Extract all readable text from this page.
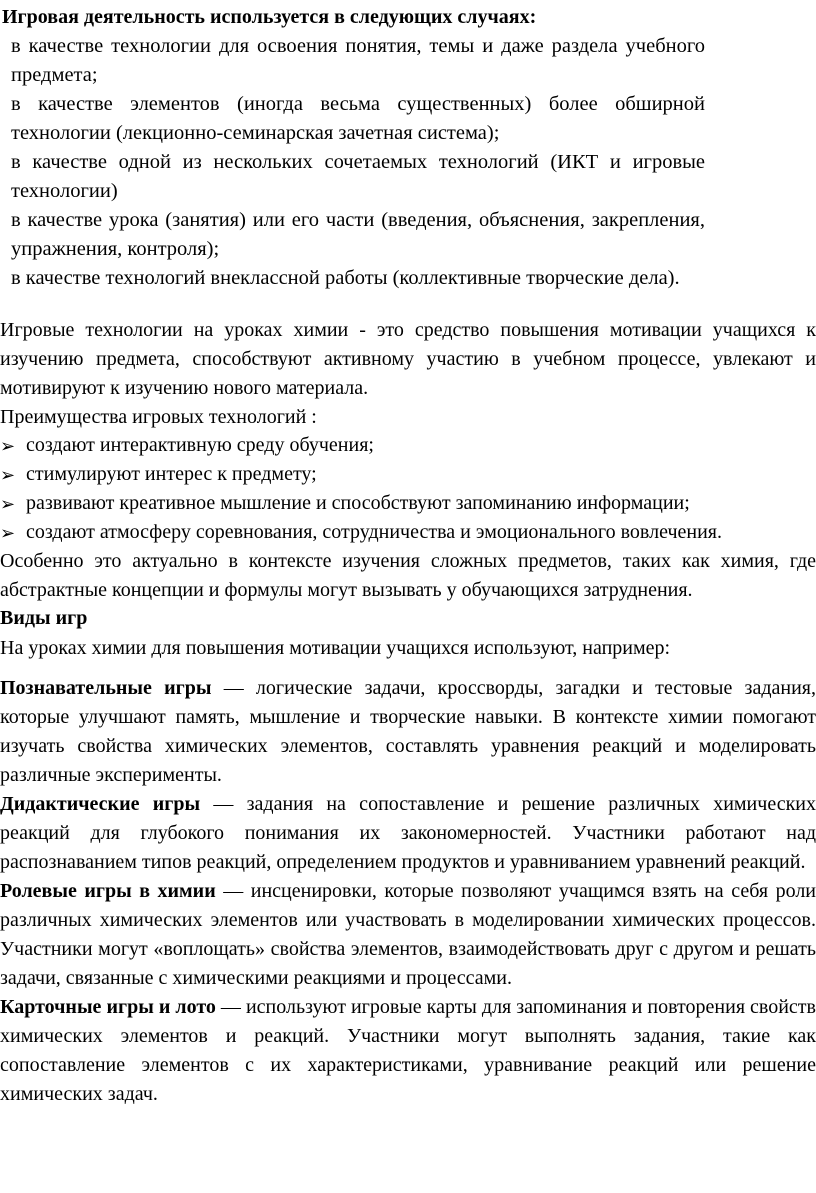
Игровая деятельность используется в следующих случаях:
в качестве технологии для освоения понятия, темы и даже раздела учебного предмета;
в качестве элементов (иногда весьма существенных) более обширной технологии (лекционно-семинарская зачетная система);
в качестве одной из нескольких сочетаемых технологий (ИКТ и игровые технологии)
в качестве урока (занятия) или его части (введения, объяснения, закрепления, упражнения, контроля);
в качестве технологий внеклассной работы (коллективные творческие дела).
Игровые технологии на уроках химии - это средство повышения мотивации учащихся к изучению предмета, способствуют активному участию в учебном процессе, увлекают и мотивируют к изучению нового материала.
Преимущества игровых технологий :
➢ создают интерактивную среду обучения;
➢ стимулируют интерес к предмету;
➢ развивают креативное мышление и способствуют запоминанию информации;
➢ создают атмосферу соревнования, сотрудничества и эмоционального вовлечения.
Особенно это актуально в контексте изучения сложных предметов, таких как химия, где абстрактные концепции и формулы могут вызывать у обучающихся затруднения.
Виды игр
На уроках химии для повышения мотивации учащихся используют, например:
Познавательные игры — логические задачи, кроссворды, загадки и тестовые задания, которые улучшают память, мышление и творческие навыки. В контексте химии помогают изучать свойства химических элементов, составлять уравнения реакций и моделировать различные эксперименты.
Дидактические игры — задания на сопоставление и решение различных химических реакций для глубокого понимания их закономерностей. Участники работают над распознаванием типов реакций, определением продуктов и уравниванием уравнений реакций.
Ролевые игры в химии — инсценировки, которые позволяют учащимся взять на себя роли различных химических элементов или участвовать в моделировании химических процессов. Участники могут «воплощать» свойства элементов, взаимодействовать друг с другом и решать задачи, связанные с химическими реакциями и процессами.
Карточные игры и лото — используют игровые карты для запоминания и повторения свойств химических элементов и реакций. Участники могут выполнять задания, такие как сопоставление элементов с их характеристиками, уравнивание реакций или решение химических задач.
